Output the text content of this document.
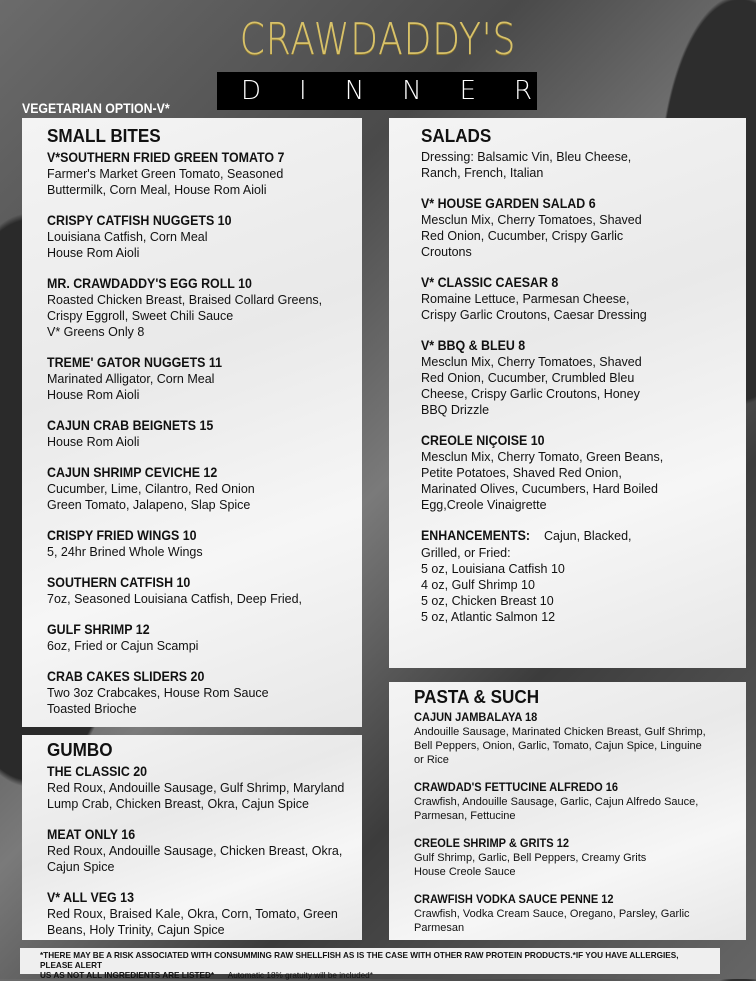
CRAWDADDY'S
DINNER
VEGETARIAN OPTION-V*
SMALL BITES
V*SOUTHERN FRIED GREEN TOMATO 7
Farmer's Market Green Tomato, Seasoned
Buttermilk, Corn Meal, House Rom Aioli
CRISPY CATFISH NUGGETS 10
Louisiana Catfish, Corn Meal
House Rom Aioli
MR. CRAWDADDY'S EGG ROLL 10
Roasted Chicken Breast, Braised Collard Greens,
Crispy Eggroll, Sweet Chili Sauce
V* Greens Only 8
TREME' GATOR NUGGETS 11
Marinated Alligator, Corn Meal
House Rom Aioli
CAJUN CRAB BEIGNETS 15
House Rom Aioli
CAJUN SHRIMP CEVICHE 12
Cucumber, Lime, Cilantro, Red Onion
Green Tomato, Jalapeno, Slap Spice
CRISPY FRIED WINGS 10
5, 24hr Brined Whole Wings
SOUTHERN CATFISH 10
7oz, Seasoned Louisiana Catfish, Deep Fried,
GULF SHRIMP 12
6oz, Fried or Cajun Scampi
CRAB CAKES SLIDERS 20
Two 3oz Crabcakes, House Rom Sauce
Toasted Brioche
GUMBO
THE CLASSIC 20
Red Roux, Andouille Sausage, Gulf Shrimp, Maryland
Lump Crab, Chicken Breast, Okra, Cajun Spice
MEAT ONLY 16
Red Roux, Andouille Sausage, Chicken Breast, Okra,
Cajun Spice
V* ALL VEG 13
Red Roux, Braised Kale, Okra, Corn, Tomato, Green
Beans, Holy Trinity, Cajun Spice
SALADS
Dressing: Balsamic Vin, Bleu Cheese,
Ranch, French, Italian
V* HOUSE GARDEN SALAD 6
Mesclun Mix, Cherry Tomatoes, Shaved
Red Onion, Cucumber, Crispy Garlic
Croutons
V* CLASSIC CAESAR 8
Romaine Lettuce, Parmesan Cheese,
Crispy Garlic Croutons, Caesar Dressing
V* BBQ & BLEU 8
Mesclun Mix, Cherry Tomatoes, Shaved
Red Onion, Cucumber, Crumbled Bleu
Cheese, Crispy Garlic Croutons, Honey
BBQ Drizzle
CREOLE NIÇOISE 10
Mesclun Mix, Cherry Tomato, Green Beans,
Petite Potatoes, Shaved Red Onion,
Marinated Olives, Cucumbers, Hard Boiled
Egg,Creole Vinaigrette
ENHANCEMENTS: Cajun, Blacked,
Grilled, or Fried:
5 oz, Louisiana Catfish 10
4 oz, Gulf Shrimp 10
5 oz, Chicken Breast 10
5 oz, Atlantic Salmon 12
PASTA & SUCH
CAJUN JAMBALAYA 18
Andouille Sausage, Marinated Chicken Breast, Gulf Shrimp,
Bell Peppers, Onion, Garlic, Tomato, Cajun Spice, Linguine
or Rice
CRAWDAD'S FETTUCINE ALFREDO 16
Crawfish, Andouille Sausage, Garlic, Cajun Alfredo Sauce,
Parmesan, Fettucine
CREOLE SHRIMP & GRITS 12
Gulf Shrimp, Garlic, Bell Peppers, Creamy Grits
House Creole Sauce
CRAWFISH VODKA SAUCE PENNE 12
Crawfish, Vodka Cream Sauce, Oregano, Parsley, Garlic
Parmesan
*THERE MAY BE A RISK ASSOCIATED WITH CONSUMMING RAW SHELLFISH AS IS THE CASE WITH OTHER RAW PROTEIN PRODUCTS.*IF YOU HAVE ALLERGIES, PLEASE ALERT
US AS NOT ALL INGREDIENTS ARE LISTED* Automatic 18% gratuity will be included*
